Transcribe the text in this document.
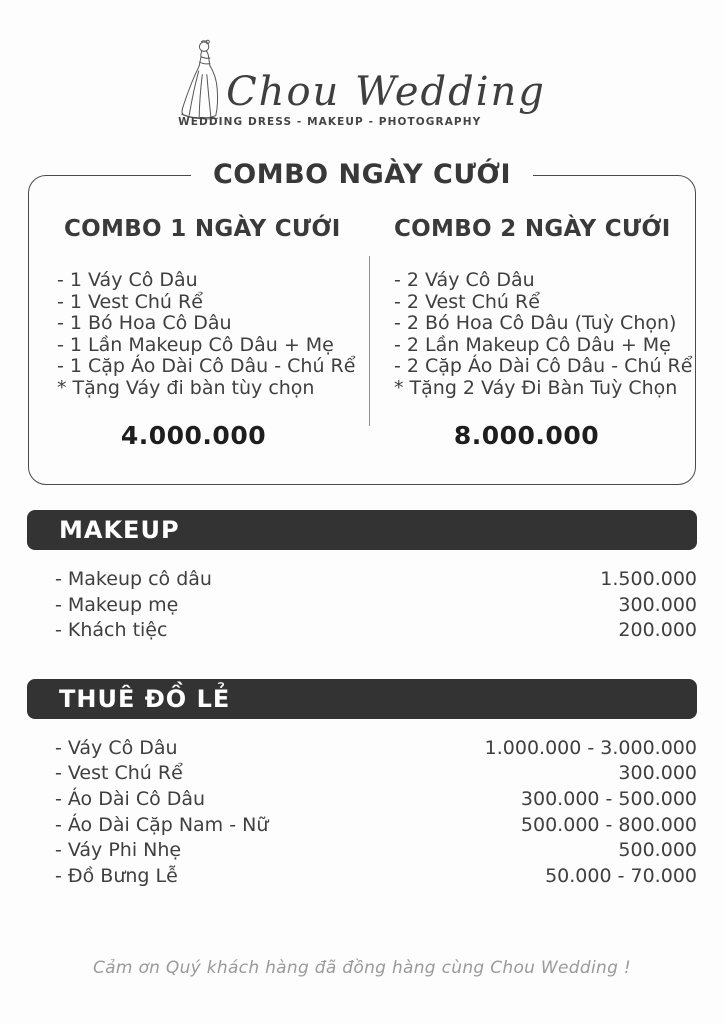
Chou Wedding
WEDDING DRESS - MAKEUP - PHOTOGRAPHY
COMBO NGÀY CƯỚI
COMBO 1 NGÀY CƯỚI
- 1 Váy Cô Dâu
- 1 Vest Chú Rể
- 1 Bó Hoa Cô Dâu
- 1 Lần Makeup Cô Dâu + Mẹ
- 1 Cặp Áo Dài Cô Dâu - Chú Rể
* Tặng Váy đi bàn tùy chọn
4.000.000
COMBO 2 NGÀY CƯỚI
- 2 Váy Cô Dâu
- 2 Vest Chú Rể
- 2 Bó Hoa Cô Dâu (Tuỳ Chọn)
- 2 Lần Makeup Cô Dâu + Mẹ
- 2 Cặp Áo Dài Cô Dâu - Chú Rể
* Tặng 2 Váy Đi Bàn Tuỳ Chọn
8.000.000
MAKEUP
- Makeup cô dâu	1.500.000
- Makeup mẹ	300.000
- Khách tiệc	200.000
THUÊ ĐỒ LẺ
- Váy Cô Dâu	1.000.000 - 3.000.000
- Vest Chú Rể	300.000
- Áo Dài Cô Dâu	300.000 - 500.000
- Áo Dài Cặp Nam - Nữ	500.000 - 800.000
- Váy Phi Nhẹ	500.000
- Đồ Bưng Lễ	50.000 - 70.000
Cảm ơn Quý khách hàng đã đồng hàng cùng Chou Wedding !
